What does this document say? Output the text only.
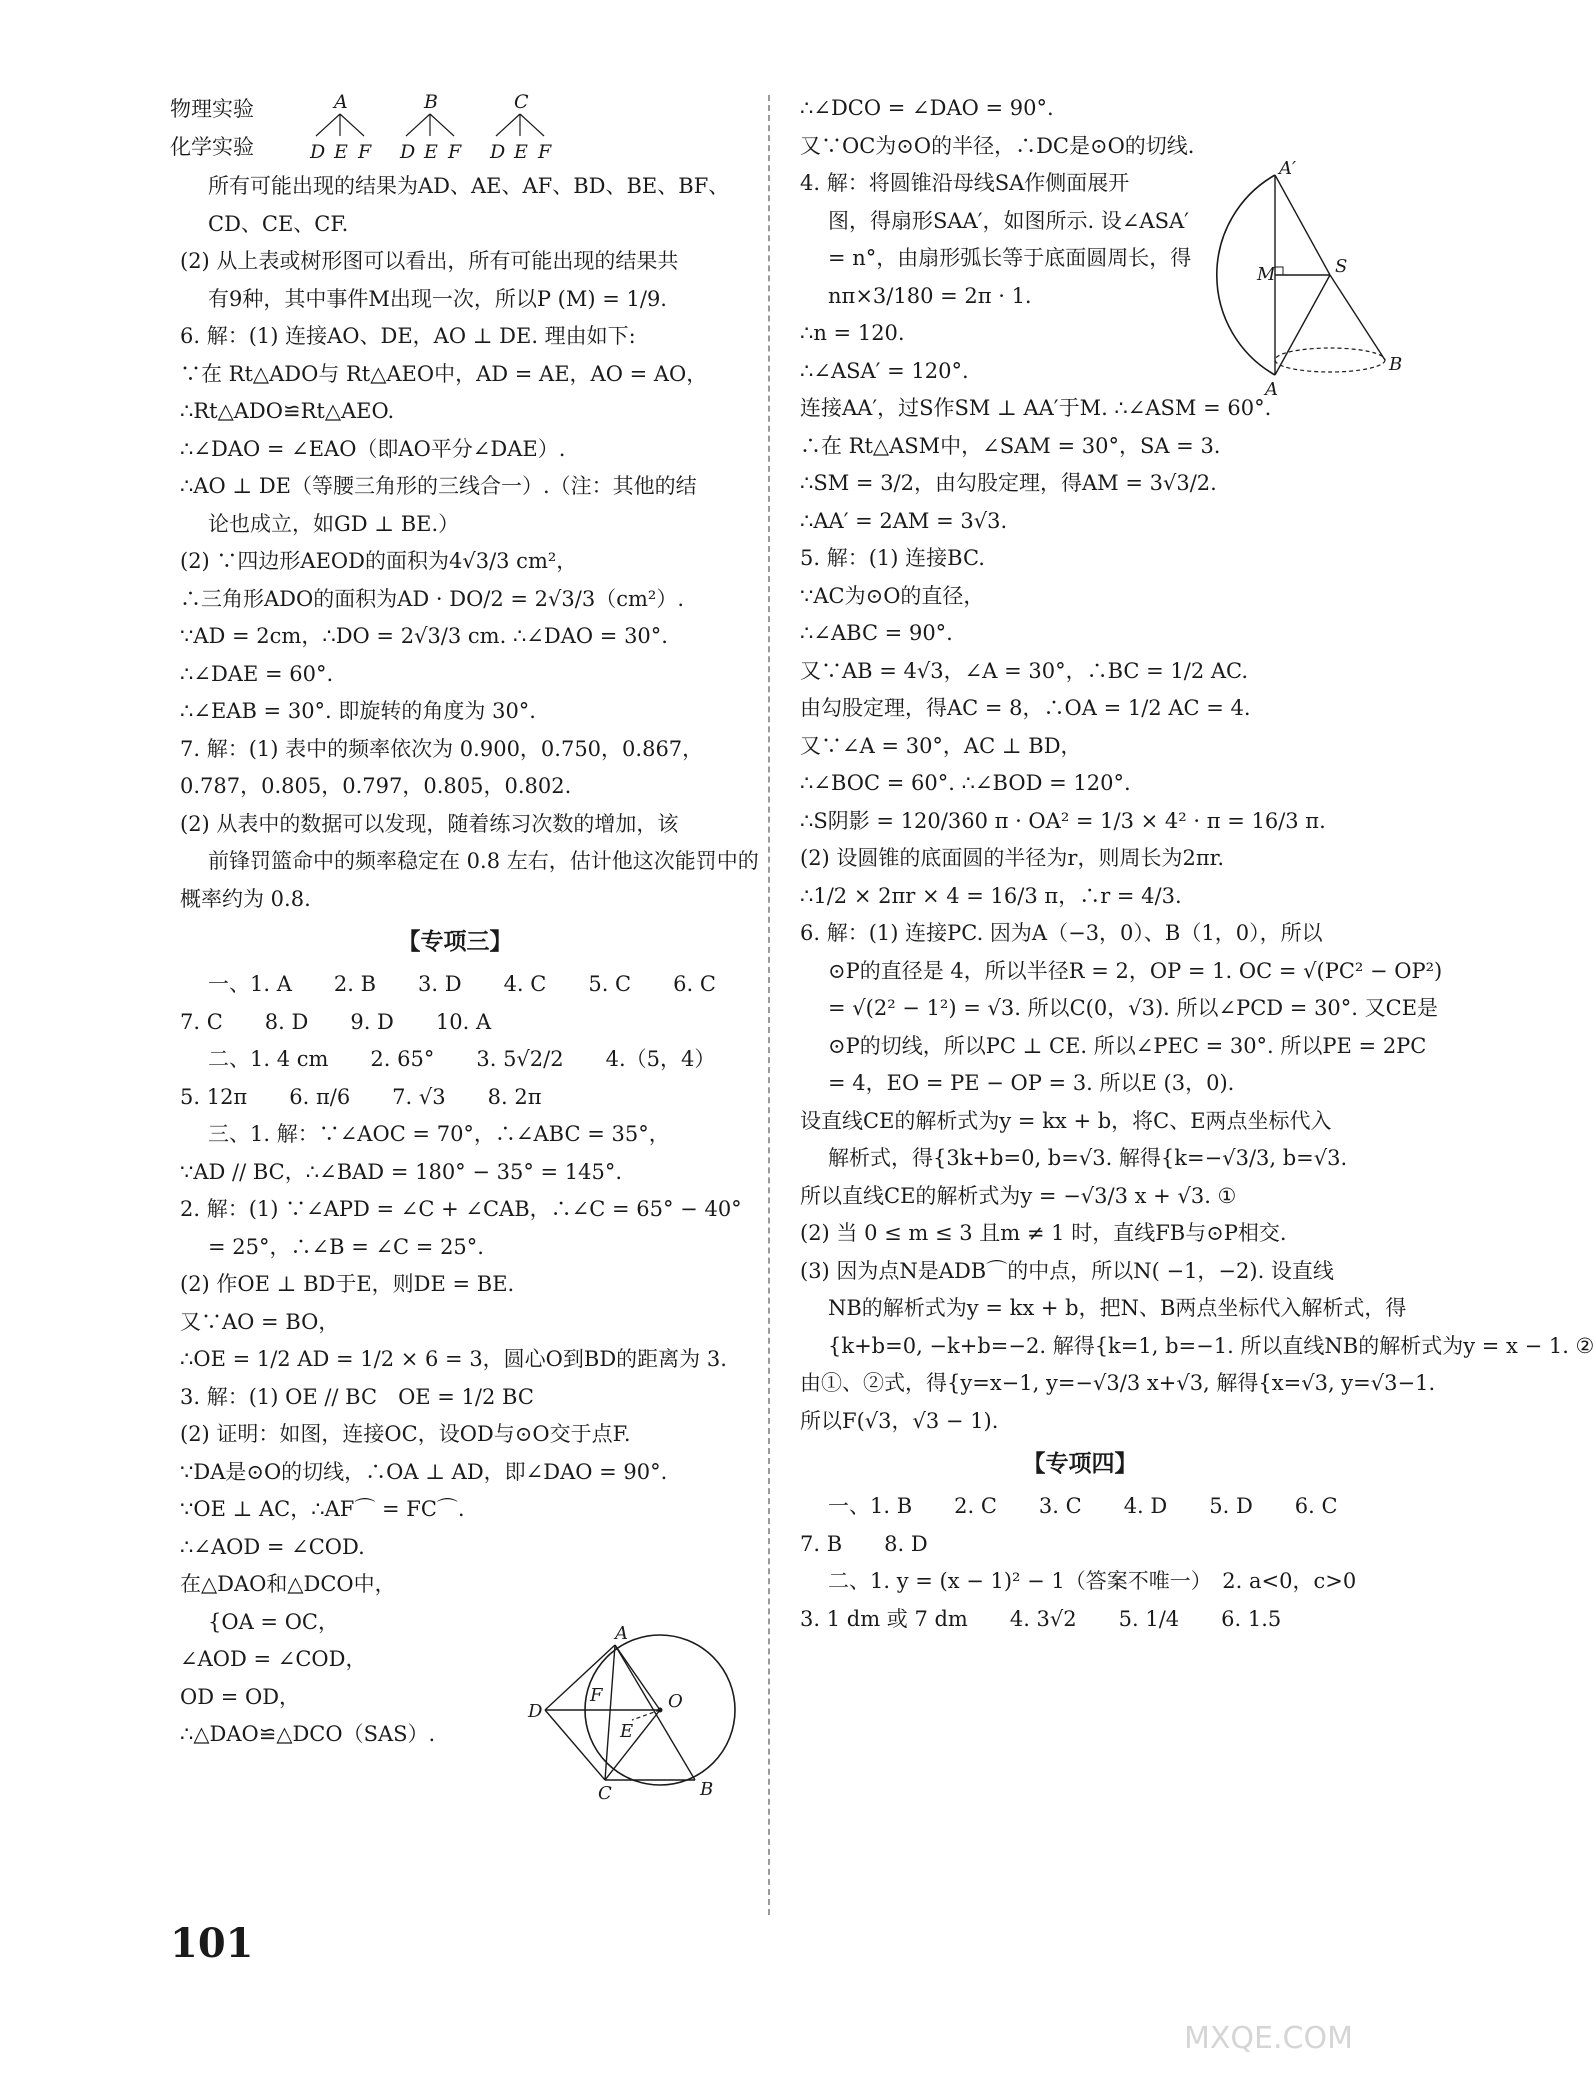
物理实验
化学实验
A
D E F
B
D E F
C
D E F
所有可能出现的结果为AD、AE、AF、BD、BE、BF、
CD、CE、CF.
(2) 从上表或树形图可以看出，所有可能出现的结果共
有9种，其中事件M出现一次，所以P (M) = 1/9.
6. 解：(1) 连接AO、DE，AO ⊥ DE. 理由如下:
∵在 Rt△ADO与 Rt△AEO中，AD = AE，AO = AO，
∴Rt△ADO≌Rt△AEO.
∴∠DAO = ∠EAO（即AO平分∠DAE）.
∴AO ⊥ DE（等腰三角形的三线合一）.（注：其他的结
论也成立，如GD ⊥ BE.）
(2) ∵四边形AEOD的面积为4√3/3 cm²，
∴三角形ADO的面积为AD · DO/2 = 2√3/3（cm²）.
∵AD = 2cm，∴DO = 2√3/3 cm. ∴∠DAO = 30°.
∴∠DAE = 60°.
∴∠EAB = 30°. 即旋转的角度为 30°.
7. 解：(1) 表中的频率依次为 0.900，0.750，0.867，
0.787，0.805，0.797，0.805，0.802.
(2) 从表中的数据可以发现，随着练习次数的增加，该
前锋罚篮命中的频率稳定在 0.8 左右，估计他这次能罚中的
概率约为 0.8.
【专项三】
一、1. A　　2. B　　3. D　　4. C　　5. C　　6. C
7. C　　8. D　　9. D　　10. A
二、1. 4 cm　　2. 65°　　3. 5√2/2　　4.（5，4）
5. 12π　　6. π/6　　7. √3　　8. 2π
三、1. 解：∵∠AOC = 70°，∴∠ABC = 35°，
∵AD // BC，∴∠BAD = 180° − 35° = 145°.
2. 解：(1) ∵∠APD = ∠C + ∠CAB，∴∠C = 65° − 40°
= 25°，∴∠B = ∠C = 25°.
(2) 作OE ⊥ BD于E，则DE = BE.
又∵AO = BO，
∴OE = 1/2 AD = 1/2 × 6 = 3，圆心O到BD的距离为 3.
3. 解：(1) OE // BC　OE = 1/2 BC
(2) 证明：如图，连接OC，设OD与⊙O交于点F.
∵DA是⊙O的切线，∴OA ⊥ AD，即∠DAO = 90°.
∵OE ⊥ AC，∴AF⌒ = FC⌒.
∴∠AOD = ∠COD.
在△DAO和△DCO中，
{OA = OC，
∠AOD = ∠COD，
OD = OD，
∴△DAO≌△DCO（SAS）.
∴∠DCO = ∠DAO = 90°.
又∵OC为⊙O的半径，∴DC是⊙O的切线.
4. 解：将圆锥沿母线SA作侧面展开
图，得扇形SAA′，如图所示. 设∠ASA′
= n°，由扇形弧长等于底面圆周长，得
nπ×3/180 = 2π · 1.
∴n = 120.
∴∠ASA′ = 120°.
连接AA′，过S作SM ⊥ AA′于M. ∴∠ASM = 60°.
∴在 Rt△ASM中，∠SAM = 30°，SA = 3.
∴SM = 3/2，由勾股定理，得AM = 3√3/2.
∴AA′ = 2AM = 3√3.
5. 解：(1) 连接BC.
∵AC为⊙O的直径，
∴∠ABC = 90°.
又∵AB = 4√3，∠A = 30°，∴BC = 1/2 AC.
由勾股定理，得AC = 8，∴OA = 1/2 AC = 4.
又∵∠A = 30°，AC ⊥ BD，
∴∠BOC = 60°. ∴∠BOD = 120°.
∴S阴影 = 120/360 π · OA² = 1/3 × 4² · π = 16/3 π.
(2) 设圆锥的底面圆的半径为r，则周长为2πr.
∴1/2 × 2πr × 4 = 16/3 π，∴r = 4/3.
6. 解：(1) 连接PC. 因为A（−3，0）、B（1，0），所以
⊙P的直径是 4，所以半径R = 2，OP = 1. OC = √(PC² − OP²)
= √(2² − 1²) = √3. 所以C(0，√3). 所以∠PCD = 30°. 又CE是
⊙P的切线，所以PC ⊥ CE. 所以∠PEC = 30°. 所以PE = 2PC
= 4，EO = PE − OP = 3. 所以E (3，0).
设直线CE的解析式为y = kx + b，将C、E两点坐标代入
解析式，得{3k+b=0, b=√3. 解得{k=−√3/3, b=√3.
所以直线CE的解析式为y = −√3/3 x + √3. ①
(2) 当 0 ≤ m ≤ 3 且m ≠ 1 时，直线FB与⊙P相交.
(3) 因为点N是ADB⌒的中点，所以N( −1，−2). 设直线
NB的解析式为y = kx + b，把N、B两点坐标代入解析式，得
{k+b=0, −k+b=−2. 解得{k=1, b=−1. 所以直线NB的解析式为y = x − 1. ②
由①、②式，得{y=x−1, y=−√3/3 x+√3, 解得{x=√3, y=√3−1.
所以F(√3，√3 − 1).
【专项四】
一、1. B　　2. C　　3. C　　4. D　　5. D　　6. C
7. B　　8. D
二、1. y = (x − 1)² − 1（答案不唯一）　2. a<0，c>0
3. 1 dm 或 7 dm　　4. 3√2　　5. 1/4　　6. 1.5
A
B
C
D
E
F	O
A′
A
B
M	S
101
MXQE.COM
